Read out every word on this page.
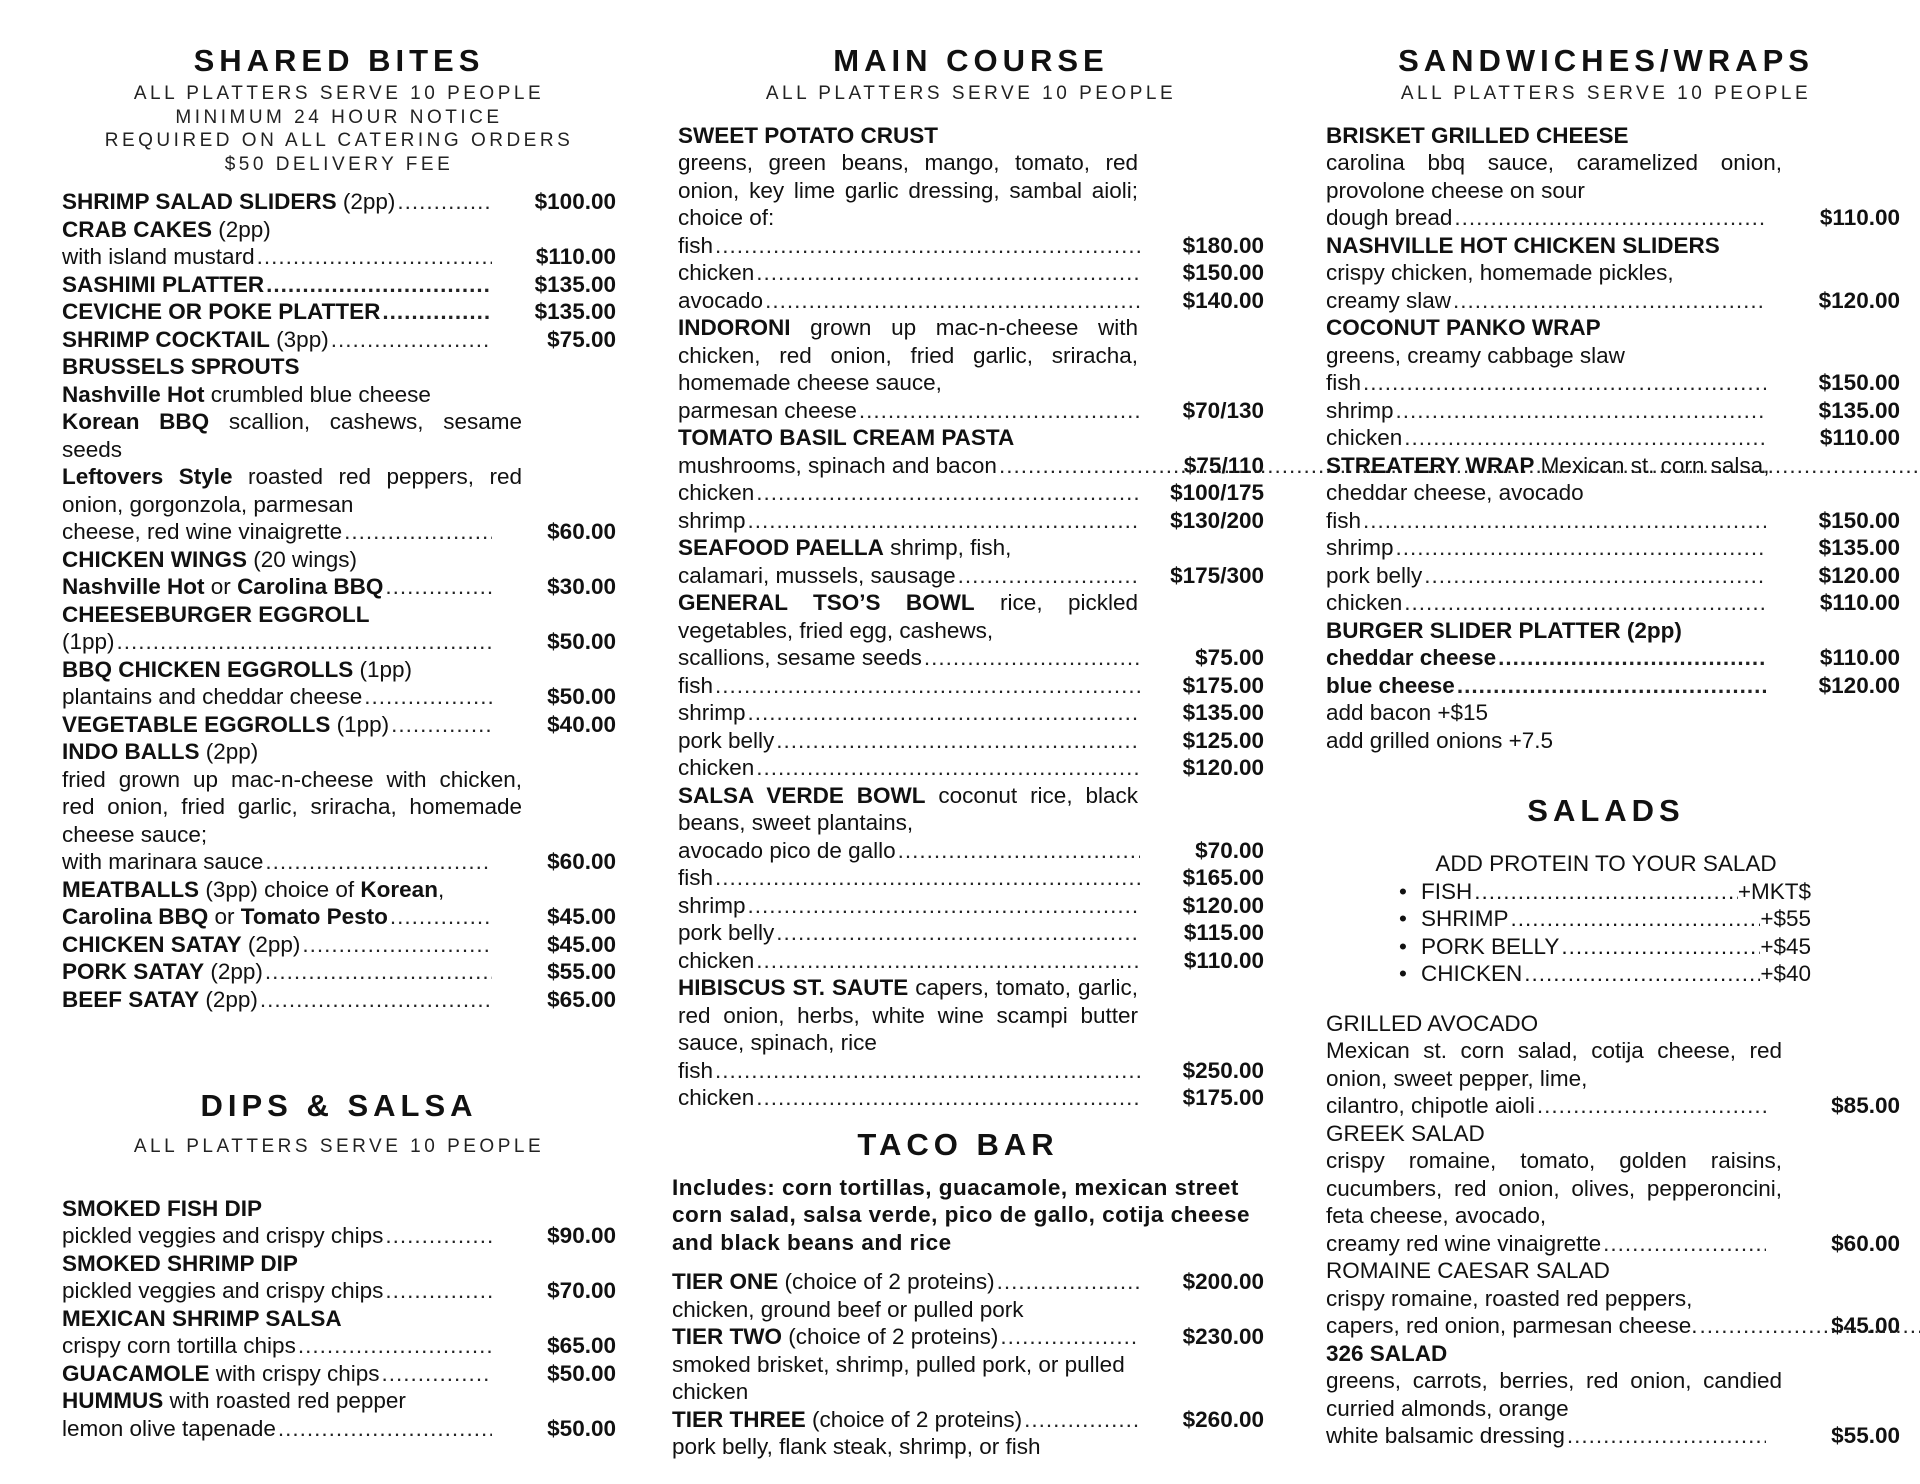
SHARED BITES
ALL PLATTERS SERVE 10 PEOPLE
MINIMUM 24 HOUR NOTICE
REQUIRED ON ALL CATERING ORDERS
$50 DELIVERY FEE
SHRIMP SALAD SLIDERS (2pp) .....	$100.00
CRAB CAKES (2pp)
with island mustard .....	$110.00
SASHIMI PLATTER .....	$135.00
CEVICHE OR POKE PLATTER .....	$135.00
SHRIMP COCKTAIL (3pp) .....	$75.00
BRUSSELS SPROUTS
Nashville Hot crumbled blue cheese
Korean BBQ scallion, cashews, sesame seeds
Leftovers Style roasted red peppers, red onion, gorgonzola, parmesan
cheese, red wine vinaigrette .....	$60.00
CHICKEN WINGS (20 wings)
Nashville Hot or Carolina BBQ .....	$30.00
CHEESEBURGER EGGROLL
(1pp) .....	$50.00
BBQ CHICKEN EGGROLLS (1pp)
plantains and cheddar cheese .....	$50.00
VEGETABLE EGGROLLS (1pp) .....	$40.00
INDO BALLS (2pp)
fried grown up mac-n-cheese with chicken, red onion, fried garlic, sriracha, homemade cheese sauce;
with marinara sauce .....	$60.00
MEATBALLS (3pp) choice of Korean,
Carolina BBQ or Tomato Pesto .....	$45.00
CHICKEN SATAY (2pp) .....	$45.00
PORK SATAY (2pp) .....	$55.00
BEEF SATAY (2pp) .....	$65.00
DIPS & SALSA
ALL PLATTERS SERVE 10 PEOPLE
SMOKED FISH DIP
pickled veggies and crispy chips .....	$90.00
SMOKED SHRIMP DIP
pickled veggies and crispy chips .....	$70.00
MEXICAN SHRIMP SALSA
crispy corn tortilla chips .....	$65.00
GUACAMOLE with crispy chips .....	$50.00
HUMMUS with roasted red pepper
lemon olive tapenade .....	$50.00
MAIN COURSE
ALL PLATTERS SERVE 10 PEOPLE
SWEET POTATO CRUST
greens, green beans, mango, tomato, red onion, key lime garlic dressing, sambal aioli; choice of:
fish .....	$180.00
chicken .....	$150.00
avocado .....	$140.00
INDORONI grown up mac-n-cheese with chicken, red onion, fried garlic, sriracha, homemade cheese sauce,
parmesan cheese .....	$70/130
TOMATO BASIL CREAM PASTA
mushrooms, spinach and bacon .....	$75/110
chicken .....	$100/175
shrimp .....	$130/200
SEAFOOD PAELLA shrimp, fish,
calamari, mussels, sausage .....	$175/300
GENERAL TSO’S BOWL rice, pickled vegetables, fried egg, cashews,
scallions, sesame seeds .....	$75.00
fish .....	$175.00
shrimp .....	$135.00
pork belly .....	$125.00
chicken .....	$120.00
SALSA VERDE BOWL coconut rice, black beans, sweet plantains,
avocado pico de gallo .....	$70.00
fish .....	$165.00
shrimp .....	$120.00
pork belly .....	$115.00
chicken .....	$110.00
HIBISCUS ST. SAUTE capers, tomato, garlic, red onion, herbs, white wine scampi butter sauce, spinach, rice
fish .....	$250.00
chicken .....	$175.00
TACO BAR
Includes: corn tortillas, guacamole, mexican street corn salad, salsa verde, pico de gallo, cotija cheese and black beans and rice
TIER ONE (choice of 2 proteins) .....	$200.00
chicken, ground beef or pulled pork
TIER TWO (choice of 2 proteins) .....	$230.00
smoked brisket, shrimp, pulled pork, or pulled chicken
TIER THREE (choice of 2 proteins) .....	$260.00
pork belly, flank steak, shrimp, or fish
SANDWICHES/WRAPS
ALL PLATTERS SERVE 10 PEOPLE
BRISKET GRILLED CHEESE
carolina bbq sauce, caramelized onion, provolone cheese on sour
dough bread .....	$110.00
NASHVILLE HOT CHICKEN SLIDERS
crispy chicken, homemade pickles,
creamy slaw .....	$120.00
COCONUT PANKO WRAP
greens, creamy cabbage slaw
fish .....	$150.00
shrimp .....	$135.00
chicken .....	$110.00
STREATERY WRAP Mexican st. corn salsa, cheddar cheese, avocado
fish .....	$150.00
shrimp .....	$135.00
pork belly .....	$120.00
chicken .....	$110.00
BURGER SLIDER PLATTER (2pp)
cheddar cheese .....	$110.00
blue cheese .....	$120.00
add bacon +$15
add grilled onions +7.5
SALADS
ADD PROTEIN TO YOUR SALAD
• FISH .....	+MKT$
• SHRIMP .....	+$55
• PORK BELLY .....	+$45
• CHICKEN .....	+$40
GRILLED AVOCADO
Mexican st. corn salad, cotija cheese, red onion, sweet pepper, lime,
cilantro, chipotle aioli .....	$85.00
GREEK SALAD
crispy romaine, tomato, golden raisins, cucumbers, red onion, olives, pepperoncini, feta cheese, avocado,
creamy red wine vinaigrette .....	$60.00
ROMAINE CAESAR SALAD
crispy romaine, roasted red peppers,
capers, red onion, parmesan cheese. .....	$45.00
326 SALAD
greens, carrots, berries, red onion, candied curried almonds, orange
white balsamic dressing .....	$55.00
